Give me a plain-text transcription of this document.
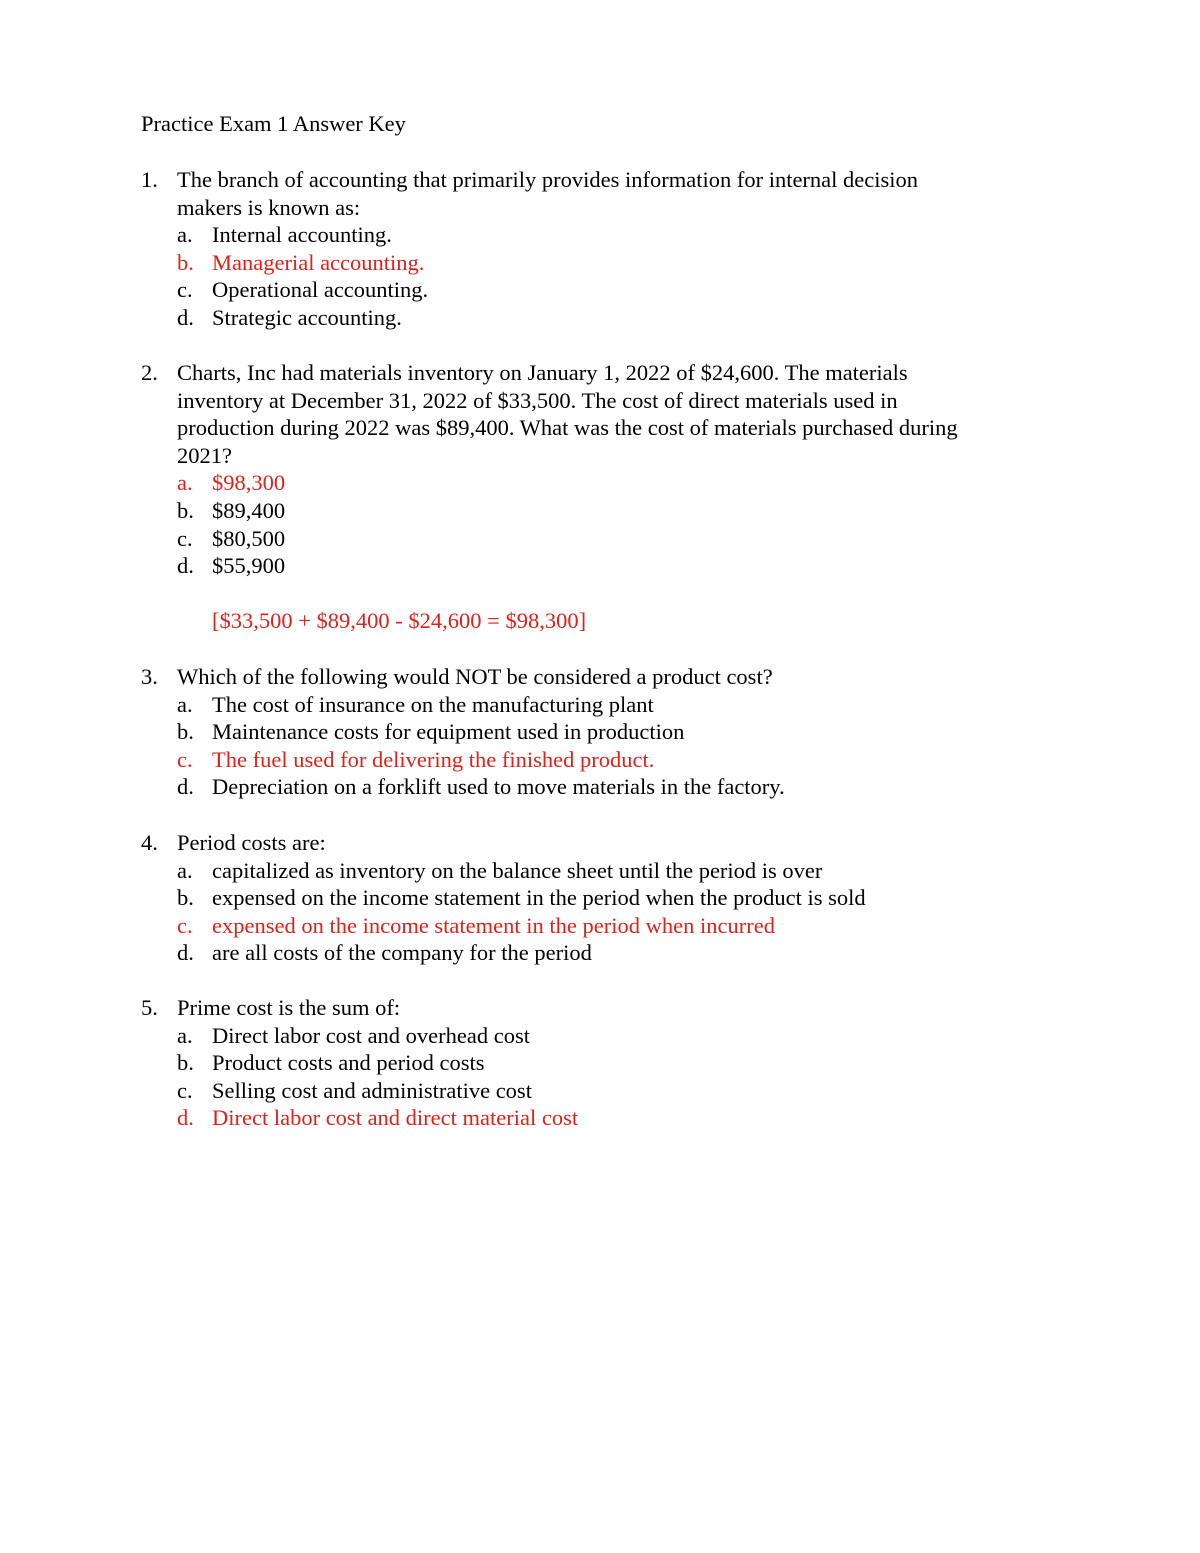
Practice Exam 1 Answer Key
1. The branch of accounting that primarily provides information for internal decision
makers is known as:
a. Internal accounting.
b. Managerial accounting.
c. Operational accounting.
d. Strategic accounting.
2. Charts, Inc had materials inventory on January 1, 2022 of $24,600. The materials
inventory at December 31, 2022 of $33,500. The cost of direct materials used in
production during 2022 was $89,400. What was the cost of materials purchased during
2021?
a. $98,300
b. $89,400
c. $80,500
d. $55,900
[$33,500 + $89,400 - $24,600 = $98,300]
3. Which of the following would NOT be considered a product cost?
a. The cost of insurance on the manufacturing plant
b. Maintenance costs for equipment used in production
c. The fuel used for delivering the finished product.
d. Depreciation on a forklift used to move materials in the factory.
4. Period costs are:
a. capitalized as inventory on the balance sheet until the period is over
b. expensed on the income statement in the period when the product is sold
c. expensed on the income statement in the period when incurred
d. are all costs of the company for the period
5. Prime cost is the sum of:
a. Direct labor cost and overhead cost
b. Product costs and period costs
c. Selling cost and administrative cost
d. Direct labor cost and direct material cost
